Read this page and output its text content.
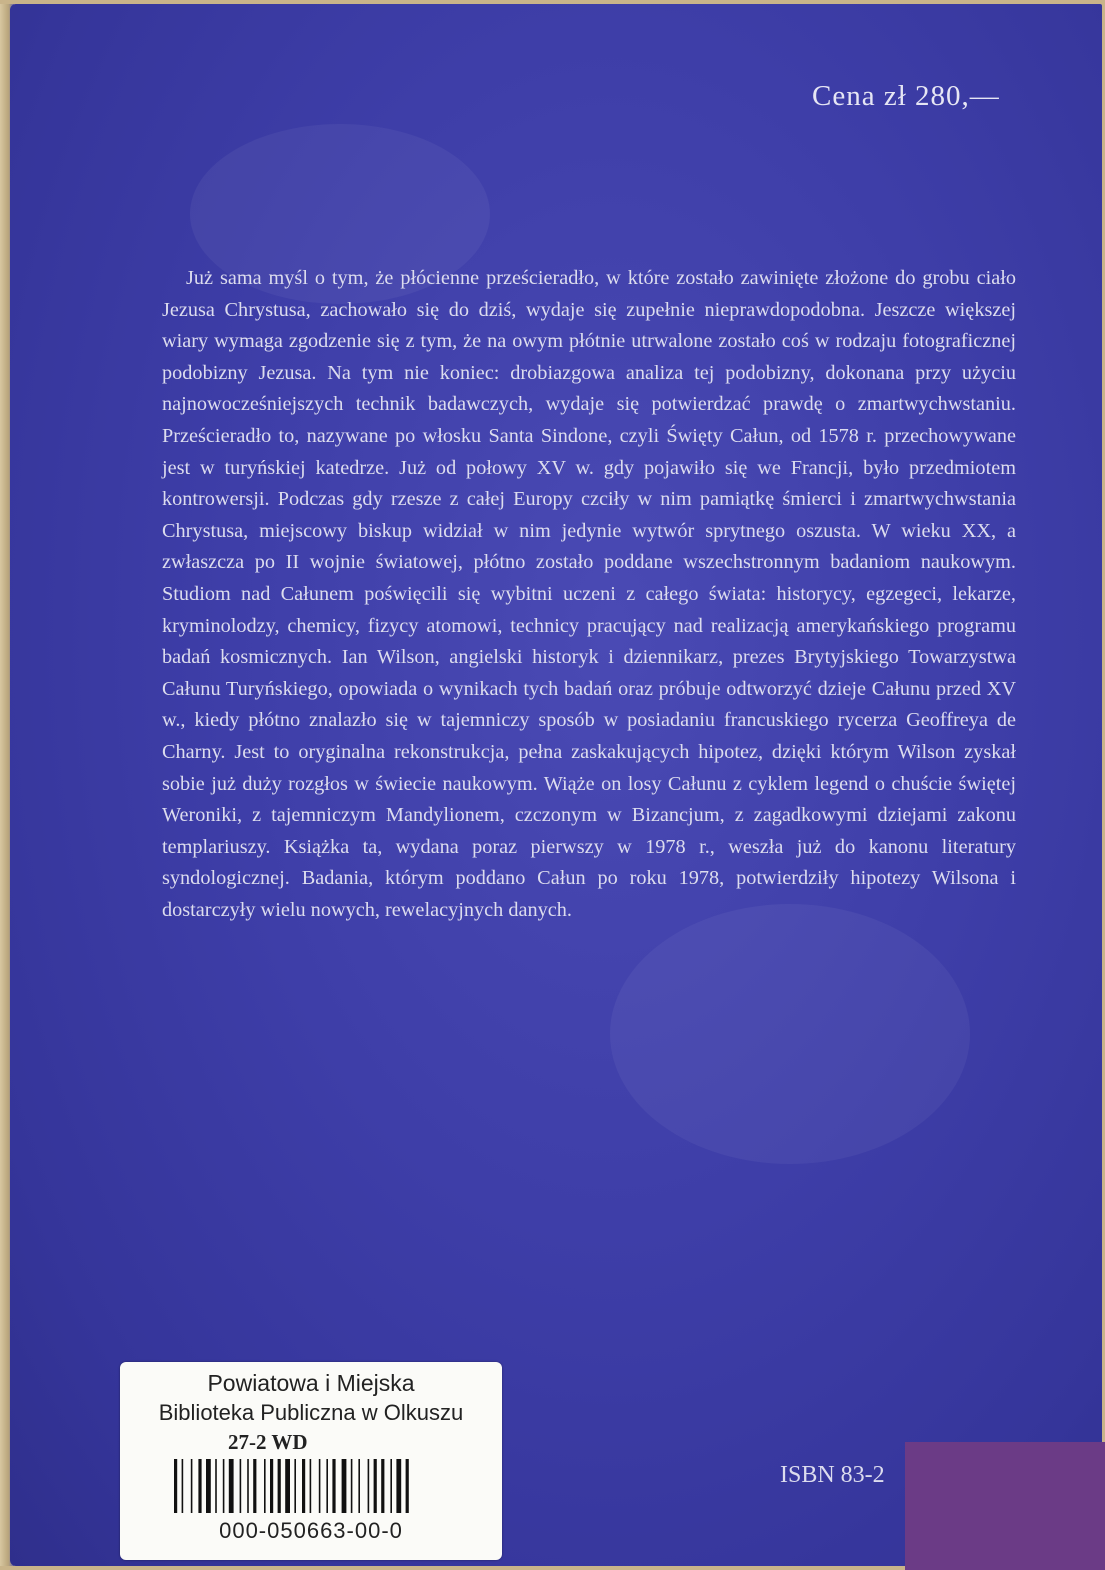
Cena zł 280,—

Już sama myśl o tym, że płócienne prześcieradło, w które zostało zawinięte złożone do grobu ciało Jezusa Chrystusa, zachowało się do dziś, wydaje się zupełnie nieprawdopodobna. Jeszcze większej wiary wymaga zgodzenie się z tym, że na owym płótnie utrwalone zostało coś w rodzaju fotograficznej podobizny Jezusa. Na tym nie koniec: drobiazgowa analiza tej podobizny, dokonana przy użyciu najnowocześniejszych technik badawczych, wydaje się potwierdzać prawdę o zmartwychwstaniu. Prześcieradło to, nazywane po włosku Santa Sindone, czyli Święty Całun, od 1578 r. przechowywane jest w turyńskiej katedrze. Już od połowy XV w. gdy pojawiło się we Francji, było przedmiotem kontrowersji. Podczas gdy rzesze z całej Europy czciły w nim pamiątkę śmierci i zmartwychwstania Chrystusa, miejscowy biskup widział w nim jedynie wytwór sprytnego oszusta. W wieku XX, a zwłaszcza po II wojnie światowej, płótno zostało poddane wszechstronnym badaniom naukowym. Studiom nad Całunem poświęcili się wybitni uczeni z całego świata: historycy, egzegeci, lekarze, kryminolodzy, chemicy, fizycy atomowi, technicy pracujący nad realizacją amerykańskiego programu badań kosmicznych. Ian Wilson, angielski historyk i dziennikarz, prezes Brytyjskiego Towarzystwa Całunu Turyńskiego, opowiada o wynikach tych badań oraz próbuje odtworzyć dzieje Całunu przed XV w., kiedy płótno znalazło się w tajemniczy sposób w posiadaniu francuskiego rycerza Geoffreya de Charny. Jest to oryginalna rekonstrukcja, pełna zaskakujących hipotez, dzięki którym Wilson zyskał sobie już duży rozgłos w świecie naukowym. Wiąże on losy Całunu z cyklem legend o chuście świętej Weroniki, z tajemniczym Mandylionem, czczonym w Bizancjum, z zagadkowymi dziejami zakonu templariuszy. Książka ta, wydana poraz pierwszy w 1978 r., weszła już do kanonu literatury syndologicznej. Badania, którym poddano Całun po roku 1978, potwierdziły hipotezy Wilsona i dostarczyły wielu nowych, rewelacyjnych danych.

ISBN 83-2
Powiatowa i Miejska
Biblioteka Publiczna w Olkuszu
27-2 WD
000-050663-00-0
